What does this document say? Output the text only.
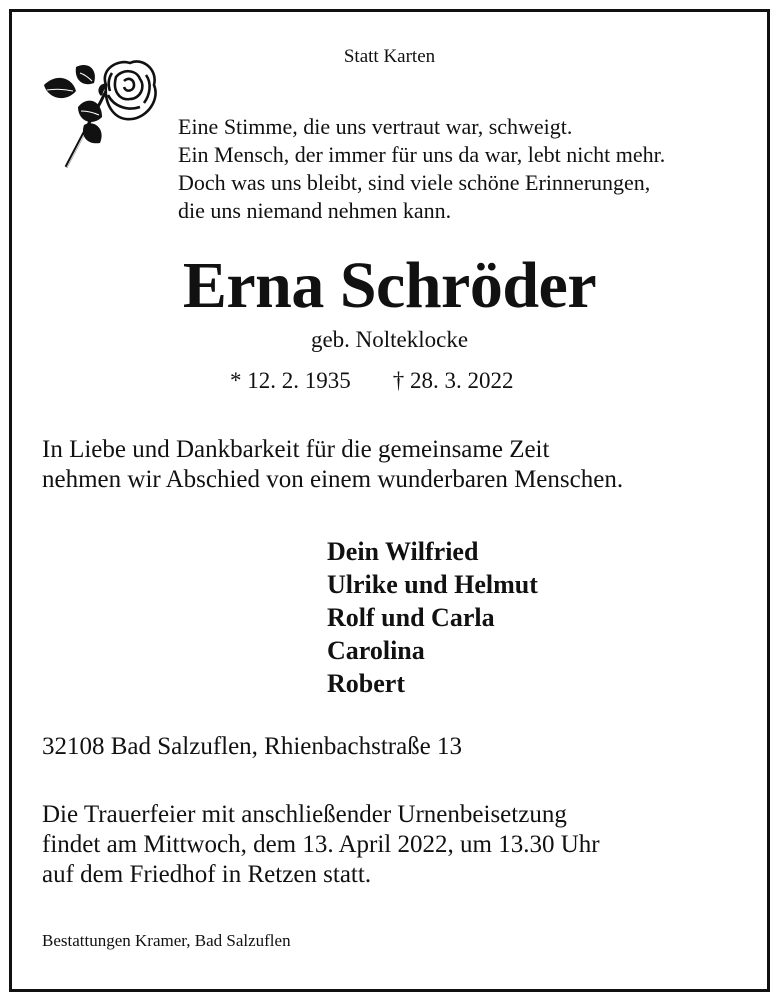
Statt Karten
Eine Stimme, die uns vertraut war, schweigt.
Ein Mensch, der immer für uns da war, lebt nicht mehr.
Doch was uns bleibt, sind viele schöne Erinnerungen,
die uns niemand nehmen kann.
Erna Schröder
geb. Nolteklocke
* 12. 2. 1935 † 28. 3. 2022
In Liebe und Dankbarkeit für die gemeinsame Zeit
nehmen wir Abschied von einem wunderbaren Menschen.
Dein Wilfried
Ulrike und Helmut
Rolf und Carla
Carolina
Robert
32108 Bad Salzuflen, Rhienbachstraße 13
Die Trauerfeier mit anschließender Urnenbeisetzung
findet am Mittwoch, dem 13. April 2022, um 13.30 Uhr
auf dem Friedhof in Retzen statt.
Bestattungen Kramer, Bad Salzuflen
